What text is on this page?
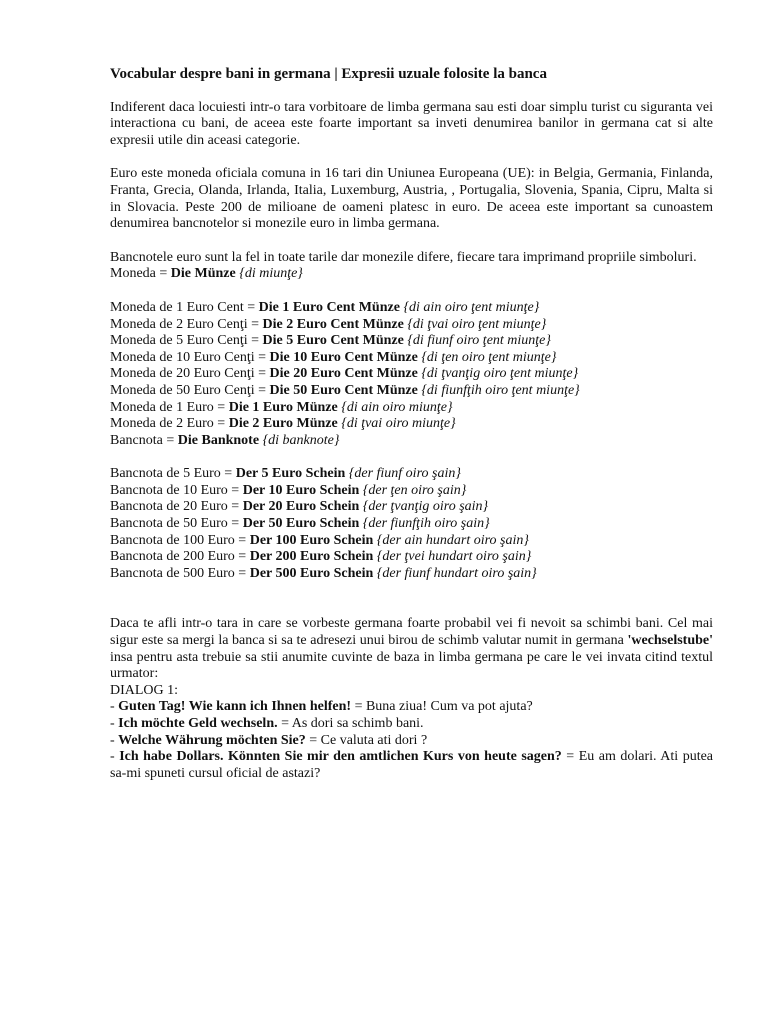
Vocabular despre bani in germana | Expresii uzuale folosite la banca

Indiferent daca locuiesti intr-o tara vorbitoare de limba germana sau esti doar simplu turist cu siguranta vei interactiona cu bani, de aceea este foarte important sa inveti denumirea banilor in germana cat si alte expresii utile din aceasi categorie.

Euro este moneda oficiala comuna in 16 tari din Uniunea Europeana (UE): in Belgia, Germania, Finlanda, Franta, Grecia, Olanda, Irlanda, Italia, Luxemburg, Austria, , Portugalia, Slovenia, Spania, Cipru, Malta si in Slovacia. Peste 200 de milioane de oameni platesc in euro. De aceea este important sa cunoastem denumirea bancnotelor si monezile euro in limba germana.

Bancnotele euro sunt la fel in toate tarile dar monezile difere, fiecare tara imprimand propriile simboluri.

Moneda = Die Münze {di miunţe}

Moneda de 1 Euro Cent = Die 1 Euro Cent Münze {di ain oiro ţent miunţe}

Moneda de 2 Euro Cenţi = Die 2 Euro Cent Münze {di ţvai oiro ţent miunţe}

Moneda de 5 Euro Cenţi = Die 5 Euro Cent Münze {di fiunf oiro ţent miunţe}

Moneda de 10 Euro Cenţi = Die 10 Euro Cent Münze {di ţen oiro ţent miunţe}

Moneda de 20 Euro Cenţi = Die 20 Euro Cent Münze {di ţvanţig oiro ţent miunţe}

Moneda de 50 Euro Cenţi = Die 50 Euro Cent Münze {di fiunfţih oiro ţent miunţe}

Moneda de 1 Euro = Die 1 Euro Münze {di ain oiro miunţe}

Moneda de 2 Euro = Die 2 Euro Münze {di ţvai oiro miunţe}

Bancnota = Die Banknote {di banknote}

Bancnota de 5 Euro = Der 5 Euro Schein {der fiunf oiro şain}

Bancnota de 10 Euro = Der 10 Euro Schein {der ţen oiro şain}

Bancnota de 20 Euro = Der 20 Euro Schein {der ţvanţig oiro şain}

Bancnota de 50 Euro = Der 50 Euro Schein {der fiunfţih oiro şain}

Bancnota de 100 Euro = Der 100 Euro Schein {der ain hundart oiro şain}

Bancnota de 200 Euro = Der 200 Euro Schein {der ţvei hundart oiro şain}

Bancnota de 500 Euro = Der 500 Euro Schein {der fiunf hundart oiro şain}

Daca te afli intr-o tara in care se vorbeste germana foarte probabil vei fi nevoit sa schimbi bani. Cel mai sigur este sa mergi la banca si sa te adresezi unui birou de schimb valutar numit in germana 'wechselstube' insa pentru asta trebuie sa stii anumite cuvinte de baza in limba germana pe care le vei invata citind textul urmator:

DIALOG 1:

- Guten Tag! Wie kann ich Ihnen helfen! = Buna ziua! Cum va pot ajuta?

- Ich möchte Geld wechseln. = As dori sa schimb bani.

- Welche Währung möchten Sie? = Ce valuta ati dori ?

- Ich habe Dollars. Könnten Sie mir den amtlichen Kurs von heute sagen? = Eu am dolari. Ati putea sa-mi spuneti cursul oficial de astazi?
